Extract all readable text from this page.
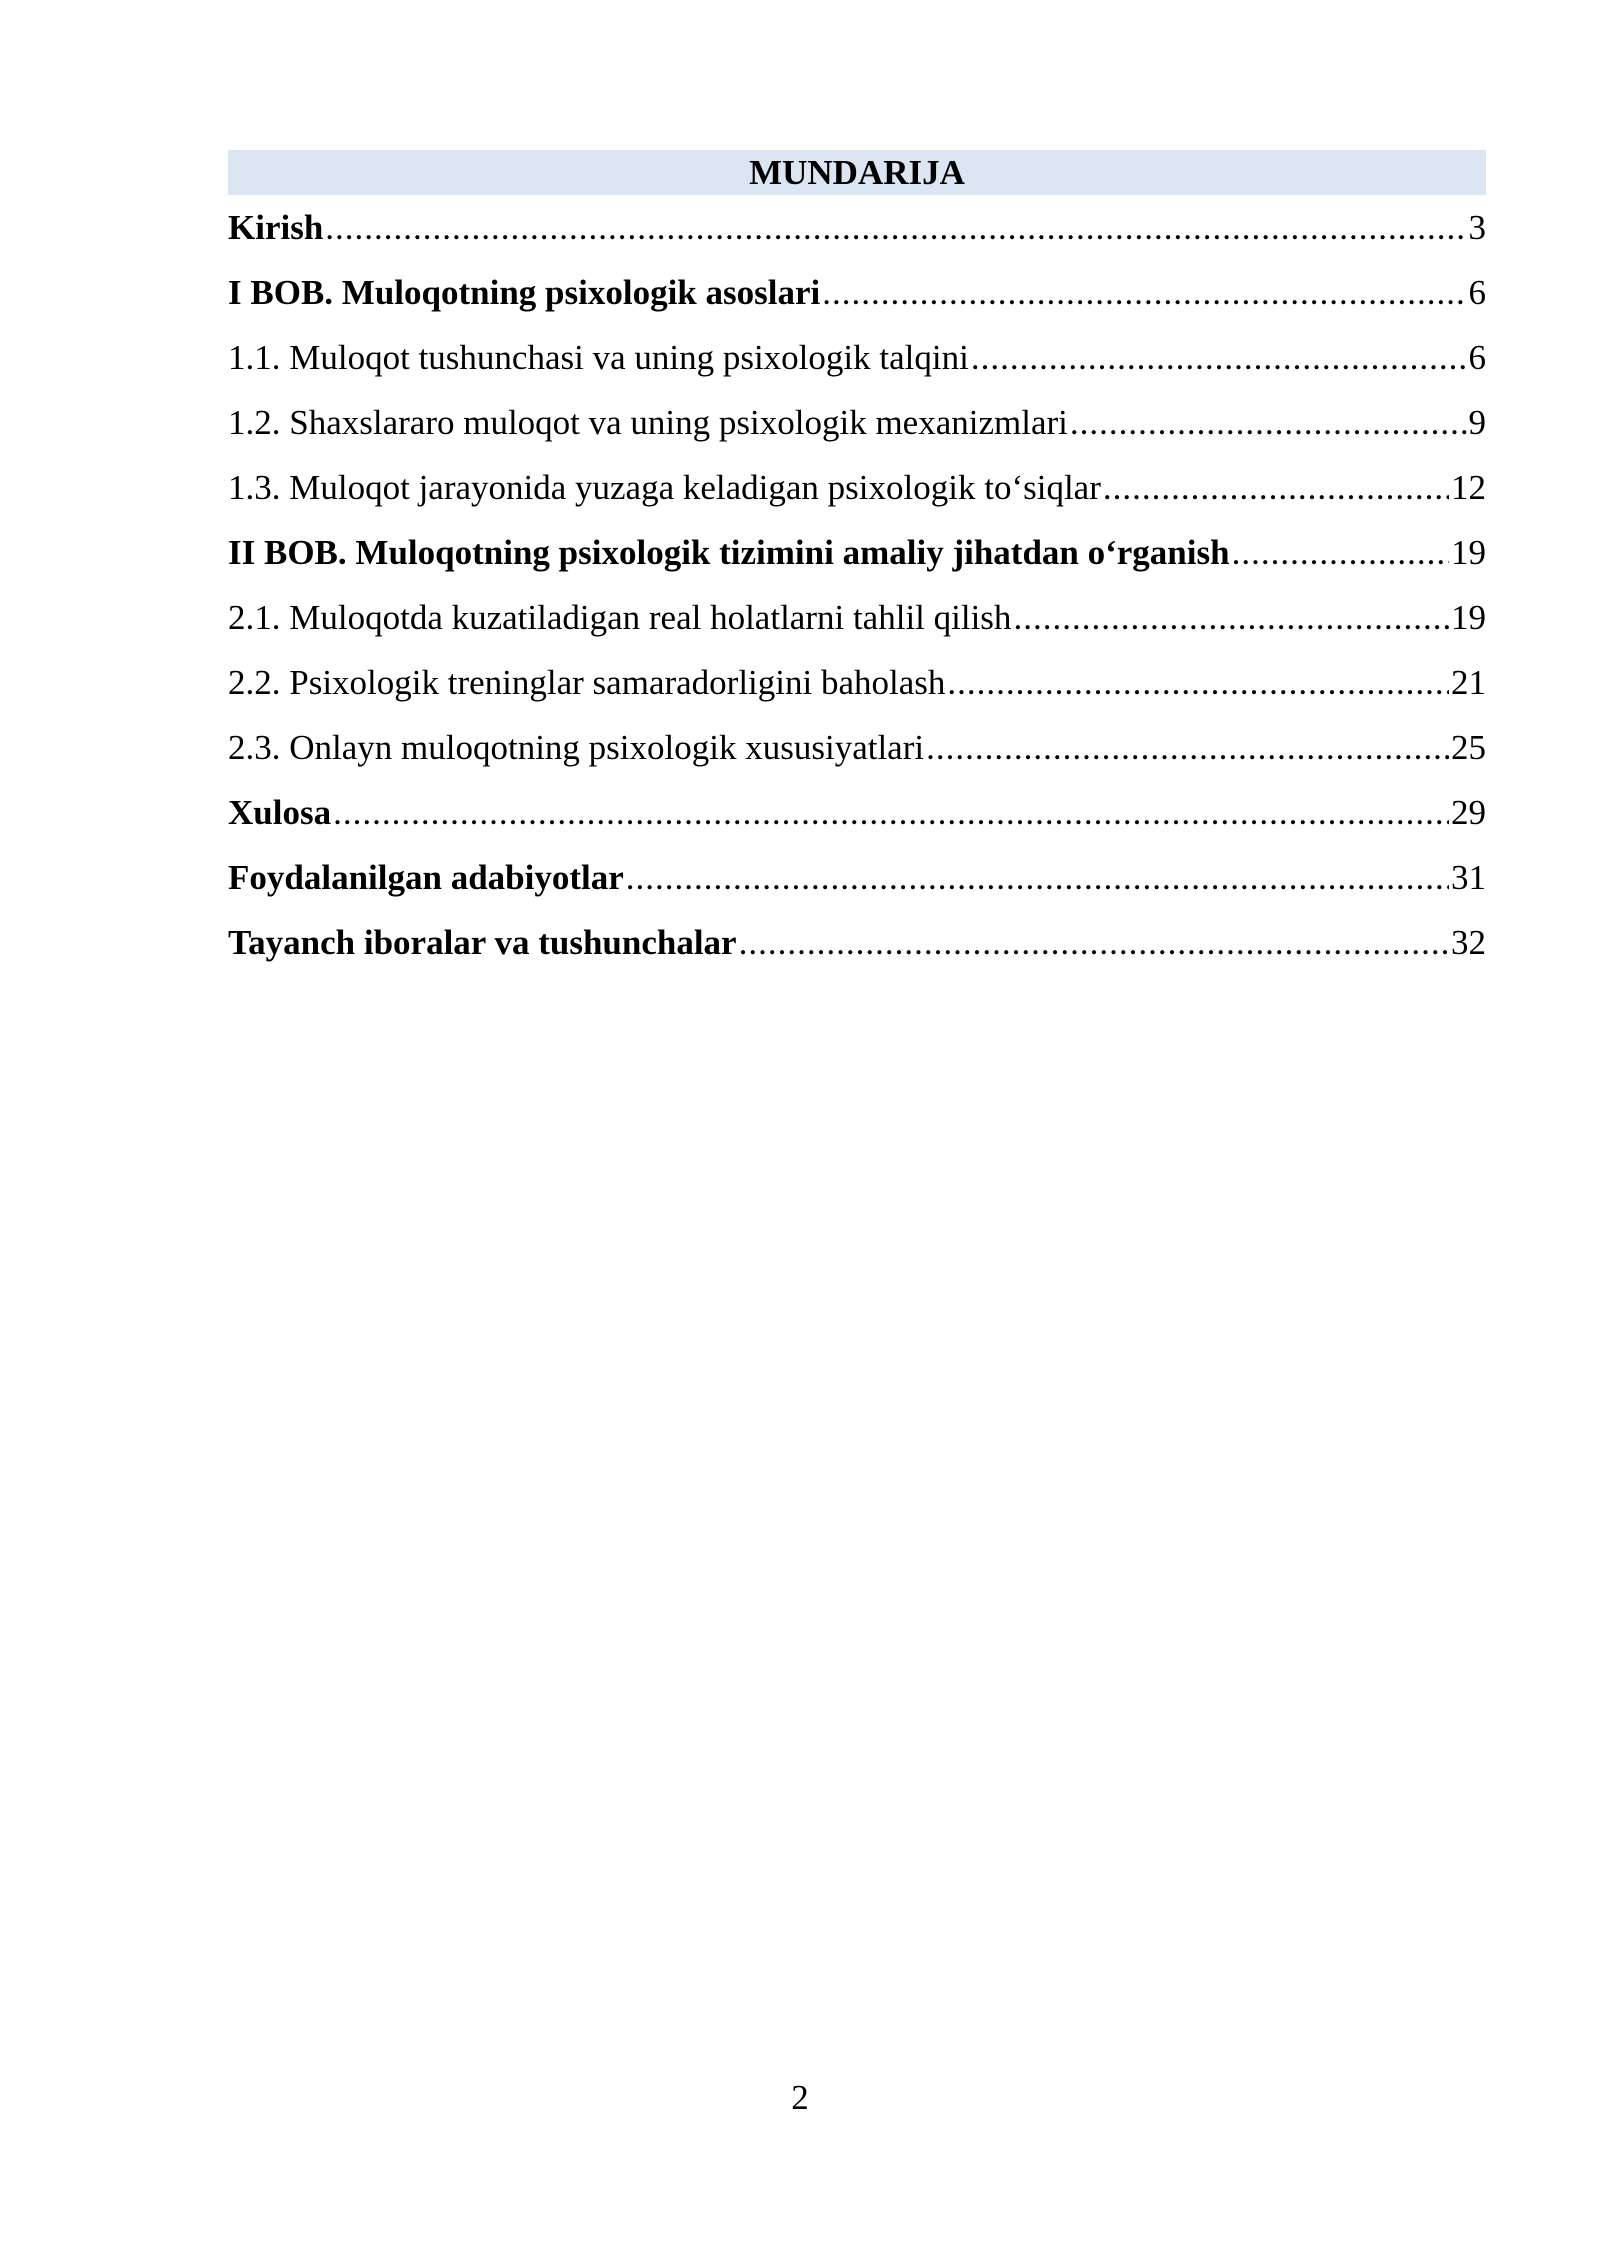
MUNDARIJA
Kirish .....	3
I BOB. Muloqotning psixologik asoslari .....	6
1.1. Muloqot tushunchasi va uning psixologik talqini .....	6
1.2. Shaxslararo muloqot va uning psixologik mexanizmlari .....	9
1.3. Muloqot jarayonida yuzaga keladigan psixologik to‘siqlar .....	12
II BOB. Muloqotning psixologik tizimini amaliy jihatdan o‘rganish .....	19
2.1. Muloqotda kuzatiladigan real holatlarni tahlil qilish .....	19
2.2. Psixologik treninglar samaradorligini baholash .....	21
2.3. Onlayn muloqotning psixologik xususiyatlari .....	25
Xulosa .....	29
Foydalanilgan adabiyotlar .....	31
Tayanch iboralar va tushunchalar .....	32
2
